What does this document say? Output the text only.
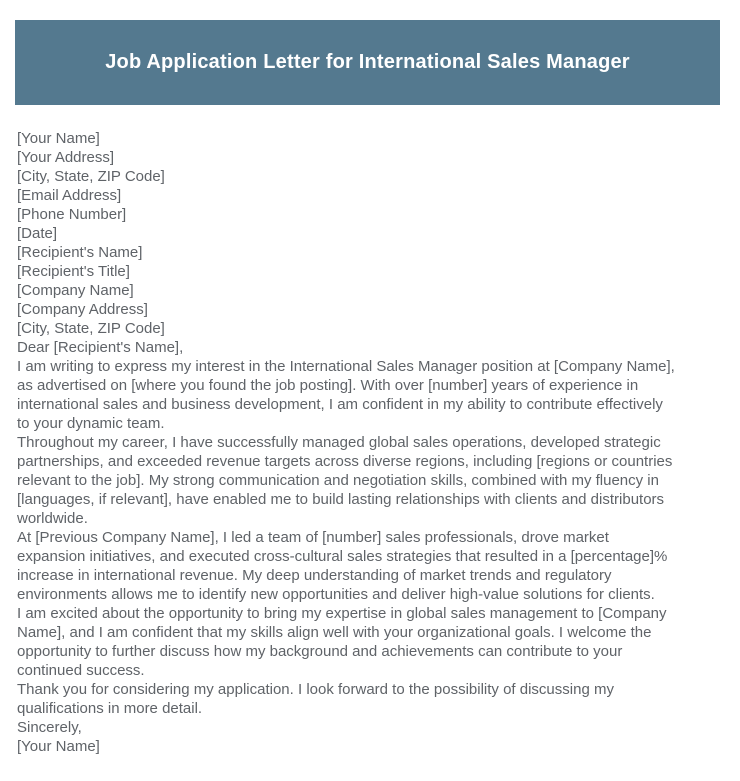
Job Application Letter for International Sales Manager
[Your Name]
[Your Address]
[City, State, ZIP Code]
[Email Address]
[Phone Number]
[Date]
[Recipient's Name]
[Recipient's Title]
[Company Name]
[Company Address]
[City, State, ZIP Code]
Dear [Recipient's Name],
I am writing to express my interest in the International Sales Manager position at [Company Name],
as advertised on [where you found the job posting]. With over [number] years of experience in
international sales and business development, I am confident in my ability to contribute effectively
to your dynamic team.
Throughout my career, I have successfully managed global sales operations, developed strategic
partnerships, and exceeded revenue targets across diverse regions, including [regions or countries
relevant to the job]. My strong communication and negotiation skills, combined with my fluency in
[languages, if relevant], have enabled me to build lasting relationships with clients and distributors
worldwide.
At [Previous Company Name], I led a team of [number] sales professionals, drove market
expansion initiatives, and executed cross-cultural sales strategies that resulted in a [percentage]%
increase in international revenue. My deep understanding of market trends and regulatory
environments allows me to identify new opportunities and deliver high-value solutions for clients.
I am excited about the opportunity to bring my expertise in global sales management to [Company
Name], and I am confident that my skills align well with your organizational goals. I welcome the
opportunity to further discuss how my background and achievements can contribute to your
continued success.
Thank you for considering my application. I look forward to the possibility of discussing my
qualifications in more detail.
Sincerely,
[Your Name]
